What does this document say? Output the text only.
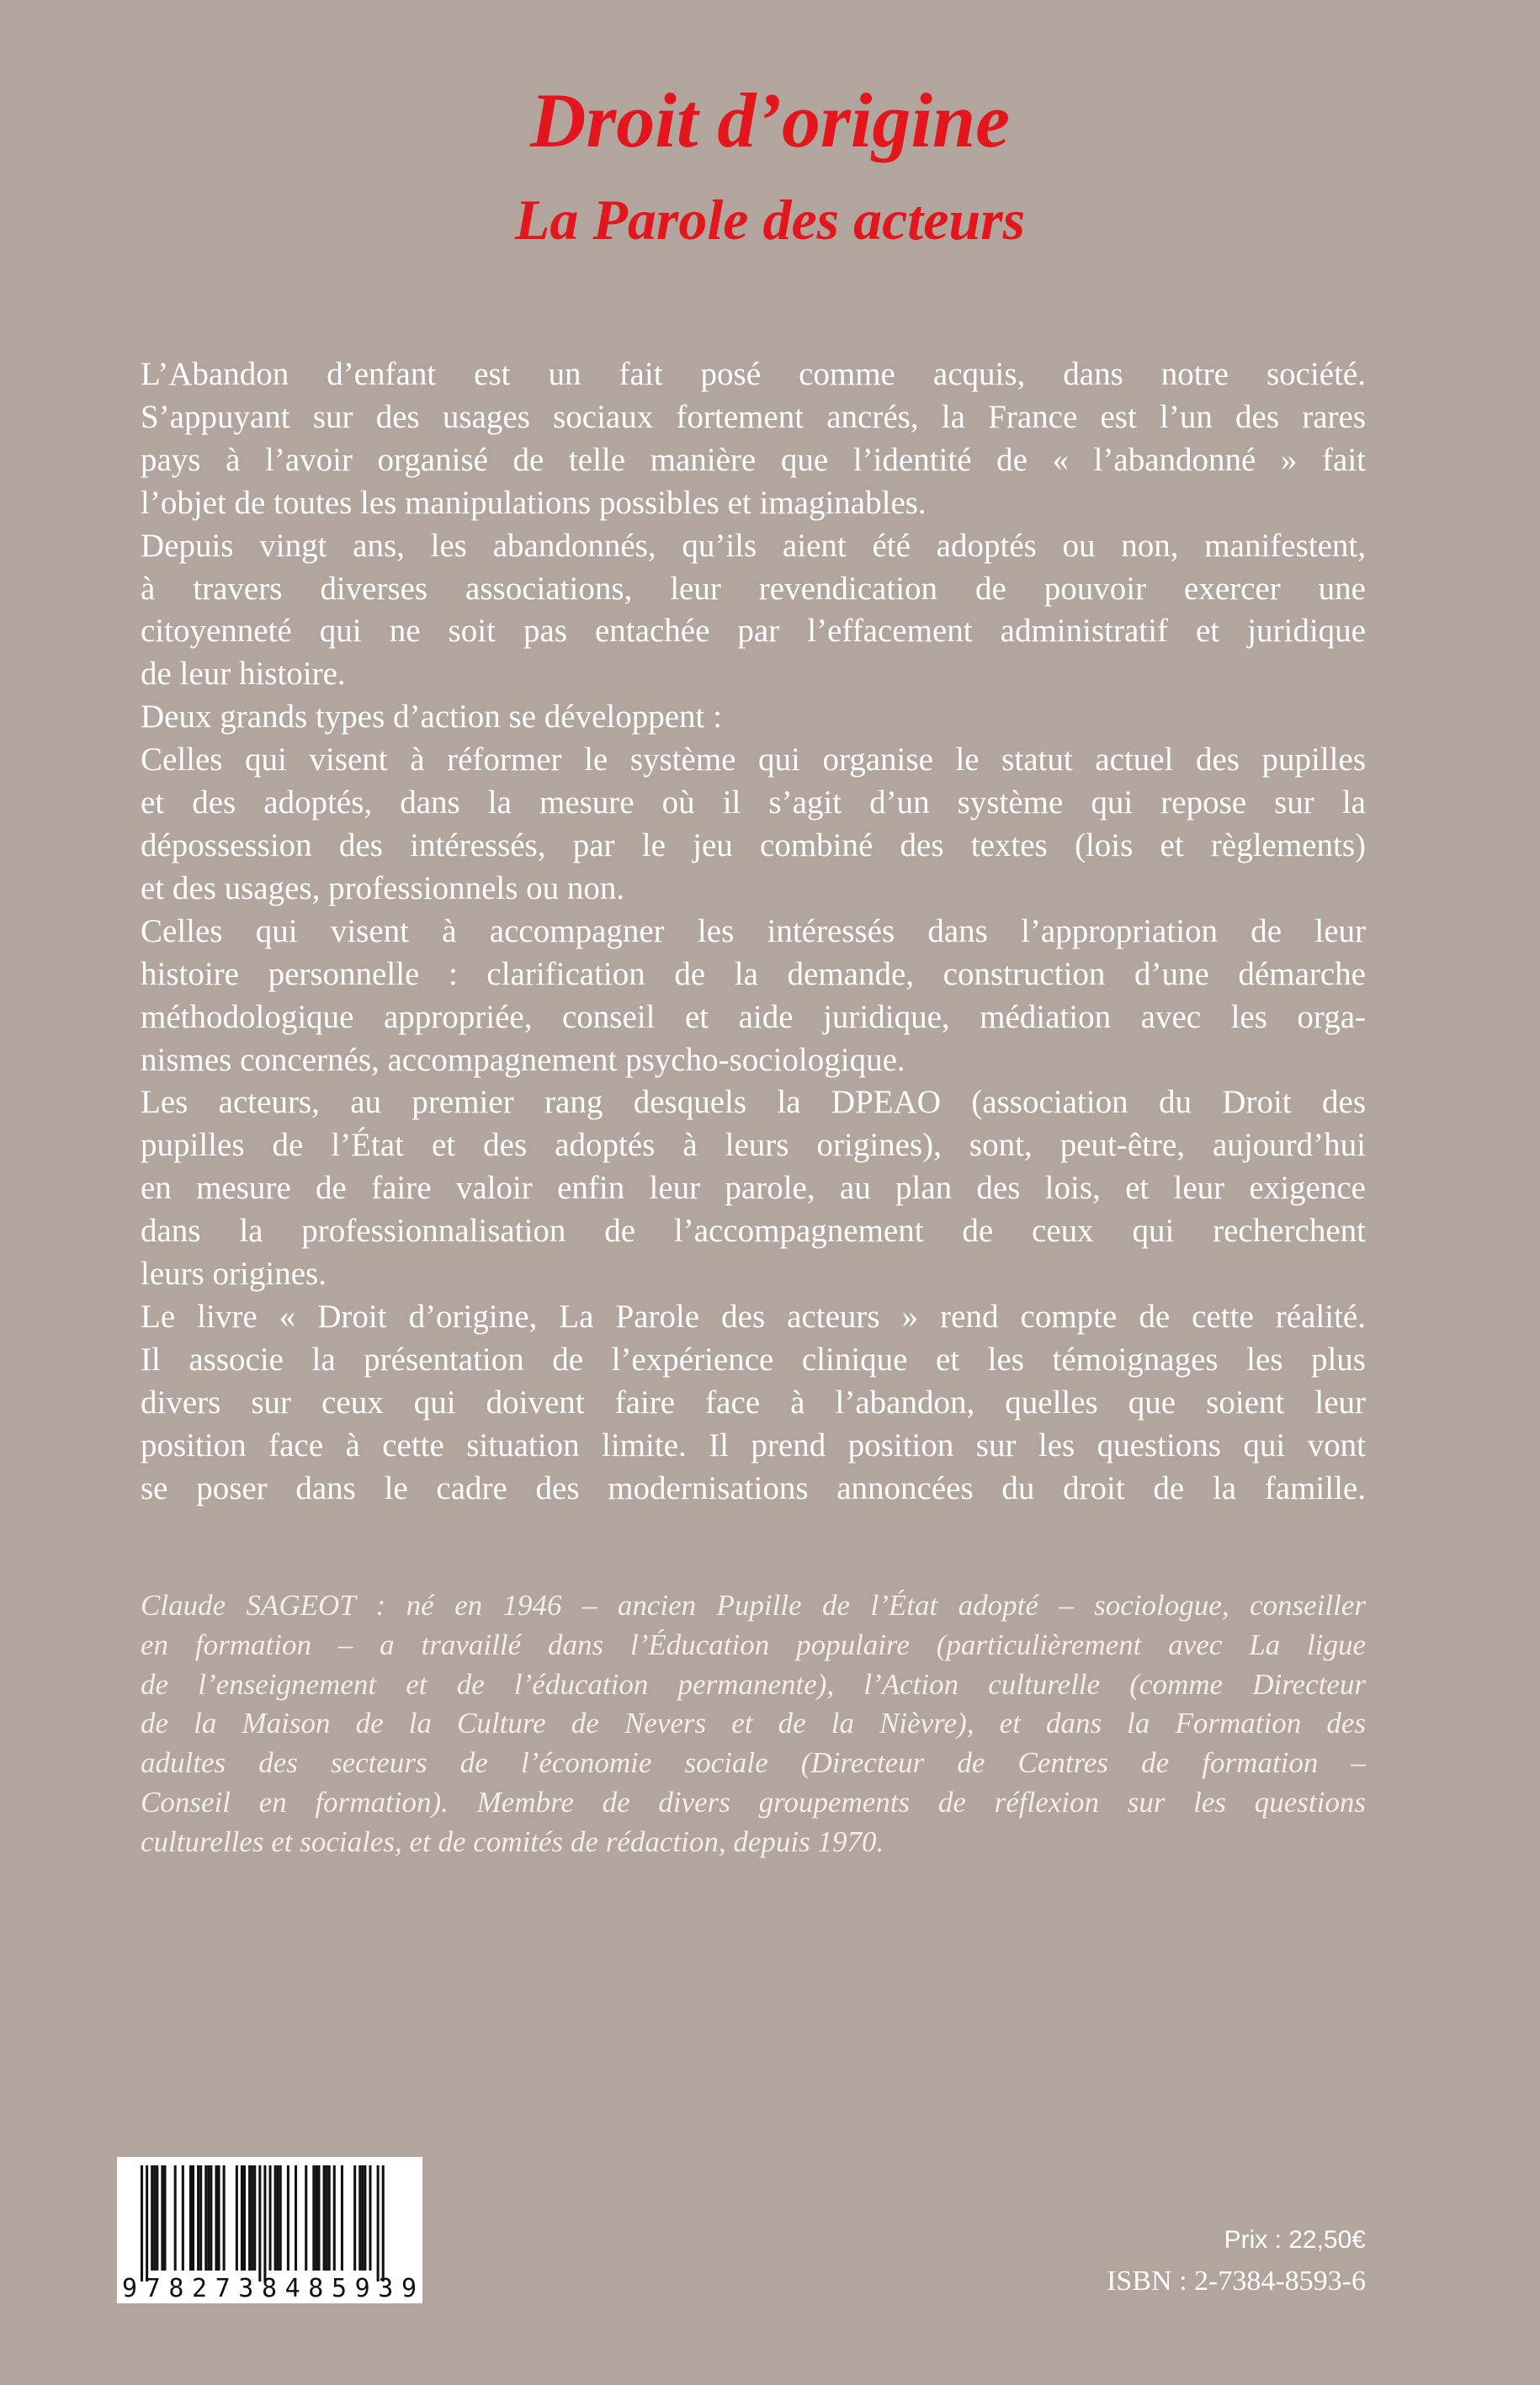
Droit d’origine
La Parole des acteurs
L’Abandon d’enfant est un fait posé comme acquis, dans notre société.
S’appuyant sur des usages sociaux fortement ancrés, la France est l’un des rares
pays à l’avoir organisé de telle manière que l’identité de « l’abandonné » fait
l’objet de toutes les manipulations possibles et imaginables.
Depuis vingt ans, les abandonnés, qu’ils aient été adoptés ou non, manifestent,
à travers diverses associations, leur revendication de pouvoir exercer une
citoyenneté qui ne soit pas entachée par l’effacement administratif et juridique
de leur histoire.
Deux grands types d’action se développent :
Celles qui visent à réformer le système qui organise le statut actuel des pupilles
et des adoptés, dans la mesure où il s’agit d’un système qui repose sur la
dépossession des intéressés, par le jeu combiné des textes (lois et règlements)
et des usages, professionnels ou non.
Celles qui visent à accompagner les intéressés dans l’appropriation de leur
histoire personnelle : clarification de la demande, construction d’une démarche
méthodologique appropriée, conseil et aide juridique, médiation avec les orga-
nismes concernés, accompagnement psycho-sociologique.
Les acteurs, au premier rang desquels la DPEAO (association du Droit des
pupilles de l’État et des adoptés à leurs origines), sont, peut-être, aujourd’hui
en mesure de faire valoir enfin leur parole, au plan des lois, et leur exigence
dans la professionnalisation de l’accompagnement de ceux qui recherchent
leurs origines.
Le livre « Droit d’origine, La Parole des acteurs » rend compte de cette réalité.
Il associe la présentation de l’expérience clinique et les témoignages les plus
divers sur ceux qui doivent faire face à l’abandon, quelles que soient leur
position face à cette situation limite. Il prend position sur les questions qui vont
se poser dans le cadre des modernisations annoncées du droit de la famille.
Claude SAGEOT : né en 1946 – ancien Pupille de l’État adopté – sociologue, conseiller
en formation – a travaillé dans l’Éducation populaire (particulièrement avec La ligue
de l’enseignement et de l’éducation permanente), l’Action culturelle (comme Directeur
de la Maison de la Culture de Nevers et de la Nièvre), et dans la Formation des
adultes des secteurs de l’économie sociale (Directeur de Centres de formation –
Conseil en formation). Membre de divers groupements de réflexion sur les questions
culturelles et sociales, et de comités de rédaction, depuis 1970.
9782738485939
Prix : 22,50€
ISBN : 2-7384-8593-6
